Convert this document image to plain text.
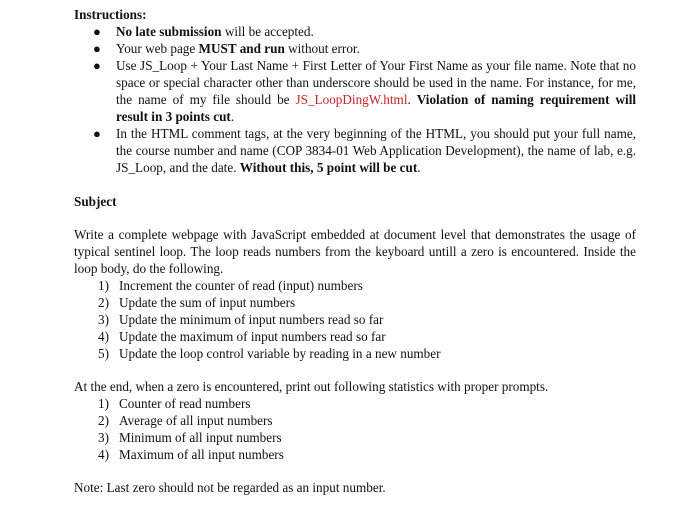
Instructions:
● No late submission will be accepted.
● Your web page MUST and run without error.
● Use JS_Loop + Your Last Name + First Letter of Your First Name as your file name. Note that no space or special character other than underscore should be used in the name. For instance, for me, the name of my file should be JS_LoopDingW.html. Violation of naming requirement will result in 3 points cut.
● In the HTML comment tags, at the very beginning of the HTML, you should put your full name, the course number and name (COP 3834-01 Web Application Development), the name of lab, e.g. JS_Loop, and the date. Without this, 5 point will be cut.
Subject
Write a complete webpage with JavaScript embedded at document level that demonstrates the usage of typical sentinel loop. The loop reads numbers from the keyboard untill a zero is encountered. Inside the loop body, do the following.
1) Increment the counter of read (input) numbers
2) Update the sum of input numbers
3) Update the minimum of input numbers read so far
4) Update the maximum of input numbers read so far
5) Update the loop control variable by reading in a new number
At the end, when a zero is encountered, print out following statistics with proper prompts.
1) Counter of read numbers
2) Average of all input numbers
3) Minimum of all input numbers
4) Maximum of all input numbers
Note: Last zero should not be regarded as an input number.
